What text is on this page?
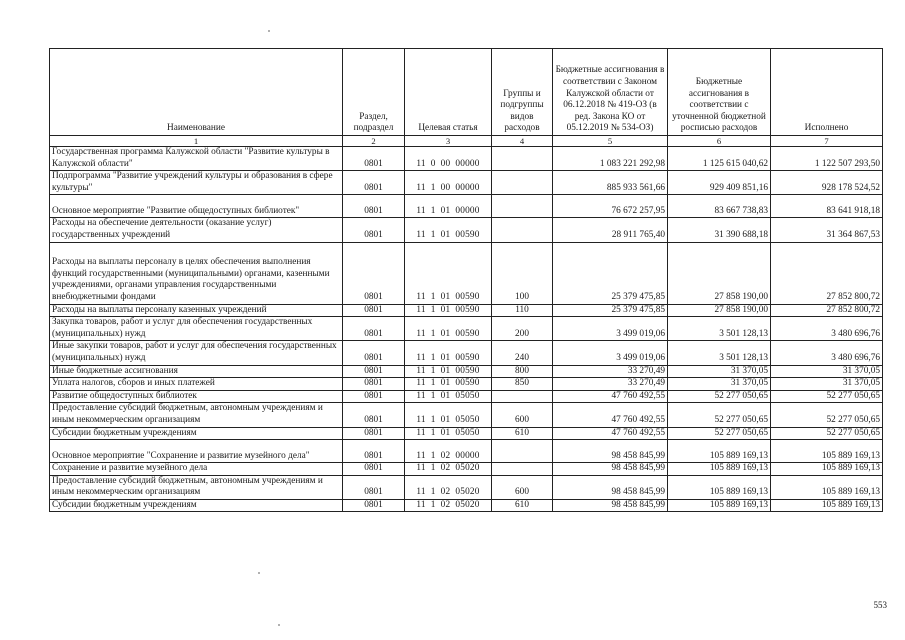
Наименование	Раздел, подраздел	Целевая статья	Группы и подгруппы видов расходов	Бюджетные ассигнования в соответствии с Законом Калужской области от 06.12.2018 № 419-ОЗ (в ред. Закона КО от 05.12.2019 № 534-ОЗ)	Бюджетные ассигнования в соответствии с уточненной бюджетной росписью расходов	Исполнено
1	2	3	4	5	6	7
Государственная программа Калужской области "Развитие культуры в Калужской области"	0801	11  0  00  00000		1 083 221 292,98	1 125 615 040,62	1 122 507 293,50
Подпрограмма "Развитие учреждений культуры и образования в сфере культуры"	0801	11  1  00  00000		885 933 561,66	929 409 851,16	928 178 524,52
Основное мероприятие "Развитие общедоступных библиотек"	0801	11  1  01  00000		76 672 257,95	83 667 738,83	83 641 918,18
Расходы на обеспечение деятельности (оказание услуг) государственных учреждений	0801	11  1  01  00590		28 911 765,40	31 390 688,18	31 364 867,53
Расходы на выплаты персоналу в целях обеспечения выполнения функций государственными (муниципальными) органами, казенными учреждениями, органами управления государственными внебюджетными фондами	0801	11  1  01  00590	100	25 379 475,85	27 858 190,00	27 852 800,72
Расходы на выплаты персоналу казенных учреждений	0801	11  1  01  00590	110	25 379 475,85	27 858 190,00	27 852 800,72
Закупка товаров, работ и услуг для обеспечения государственных (муниципальных) нужд	0801	11  1  01  00590	200	3 499 019,06	3 501 128,13	3 480 696,76
Иные закупки товаров, работ и услуг для обеспечения государственных (муниципальных) нужд	0801	11  1  01  00590	240	3 499 019,06	3 501 128,13	3 480 696,76
Иные бюджетные ассигнования	0801	11  1  01  00590	800	33 270,49	31 370,05	31 370,05
Уплата налогов, сборов и иных платежей	0801	11  1  01  00590	850	33 270,49	31 370,05	31 370,05
Развитие общедоступных библиотек	0801	11  1  01  05050		47 760 492,55	52 277 050,65	52 277 050,65
Предоставление субсидий бюджетным, автономным учреждениям и иным некоммерческим организациям	0801	11  1  01  05050	600	47 760 492,55	52 277 050,65	52 277 050,65
Субсидии бюджетным учреждениям	0801	11  1  01  05050	610	47 760 492,55	52 277 050,65	52 277 050,65
Основное мероприятие "Сохранение и развитие музейного дела"	0801	11  1  02  00000		98 458 845,99	105 889 169,13	105 889 169,13
Сохранение и развитие музейного дела	0801	11  1  02  05020		98 458 845,99	105 889 169,13	105 889 169,13
Предоставление субсидий бюджетным, автономным учреждениям и иным некоммерческим организациям	0801	11  1  02  05020	600	98 458 845,99	105 889 169,13	105 889 169,13
Субсидии бюджетным учреждениям	0801	11  1  02  05020	610	98 458 845,99	105 889 169,13	105 889 169,13
553
